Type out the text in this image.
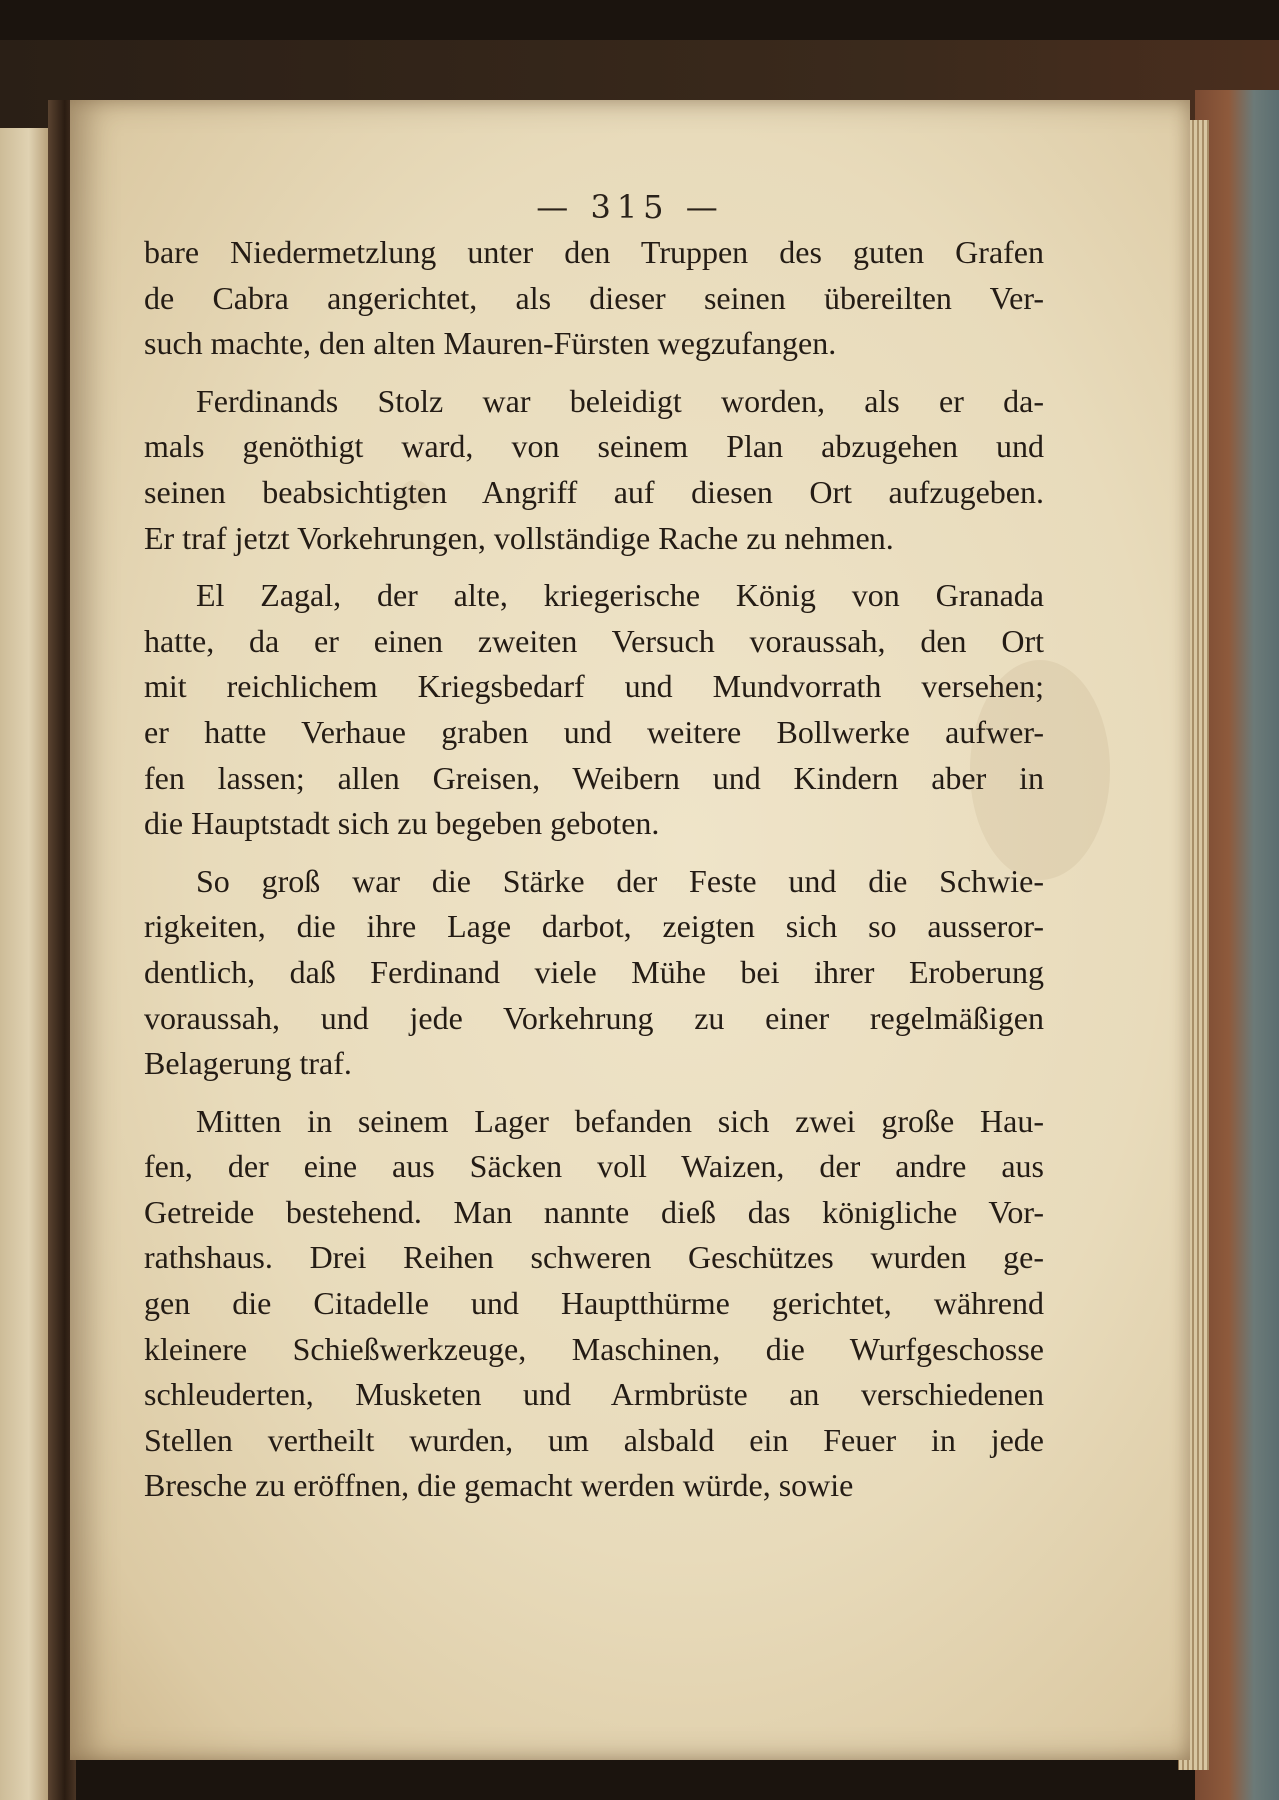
— 315 —
bare Niedermetzlung unter den Truppen des guten Grafen
de Cabra angerichtet, als dieser seinen übereilten Ver-
such machte, den alten Mauren-Fürsten wegzufangen.
Ferdinands Stolz war beleidigt worden, als er da-
mals genöthigt ward, von seinem Plan abzugehen und
seinen beabsichtigten Angriff auf diesen Ort aufzugeben.
Er traf jetzt Vorkehrungen, vollständige Rache zu nehmen.
El Zagal, der alte, kriegerische König von Granada
hatte, da er einen zweiten Versuch voraussah, den Ort
mit reichlichem Kriegsbedarf und Mundvorrath versehen;
er hatte Verhaue graben und weitere Bollwerke aufwer-
fen lassen; allen Greisen, Weibern und Kindern aber in
die Hauptstadt sich zu begeben geboten.
So groß war die Stärke der Feste und die Schwie-
rigkeiten, die ihre Lage darbot, zeigten sich so ausseror-
dentlich, daß Ferdinand viele Mühe bei ihrer Eroberung
voraussah, und jede Vorkehrung zu einer regelmäßigen
Belagerung traf.
Mitten in seinem Lager befanden sich zwei große Hau-
fen, der eine aus Säcken voll Waizen, der andre aus
Getreide bestehend. Man nannte dieß das königliche Vor-
rathshaus. Drei Reihen schweren Geschützes wurden ge-
gen die Citadelle und Hauptthürme gerichtet, während
kleinere Schießwerkzeuge, Maschinen, die Wurfgeschosse
schleuderten, Musketen und Armbrüste an verschiedenen
Stellen vertheilt wurden, um alsbald ein Feuer in jede
Bresche zu eröffnen, die gemacht werden würde, sowie
